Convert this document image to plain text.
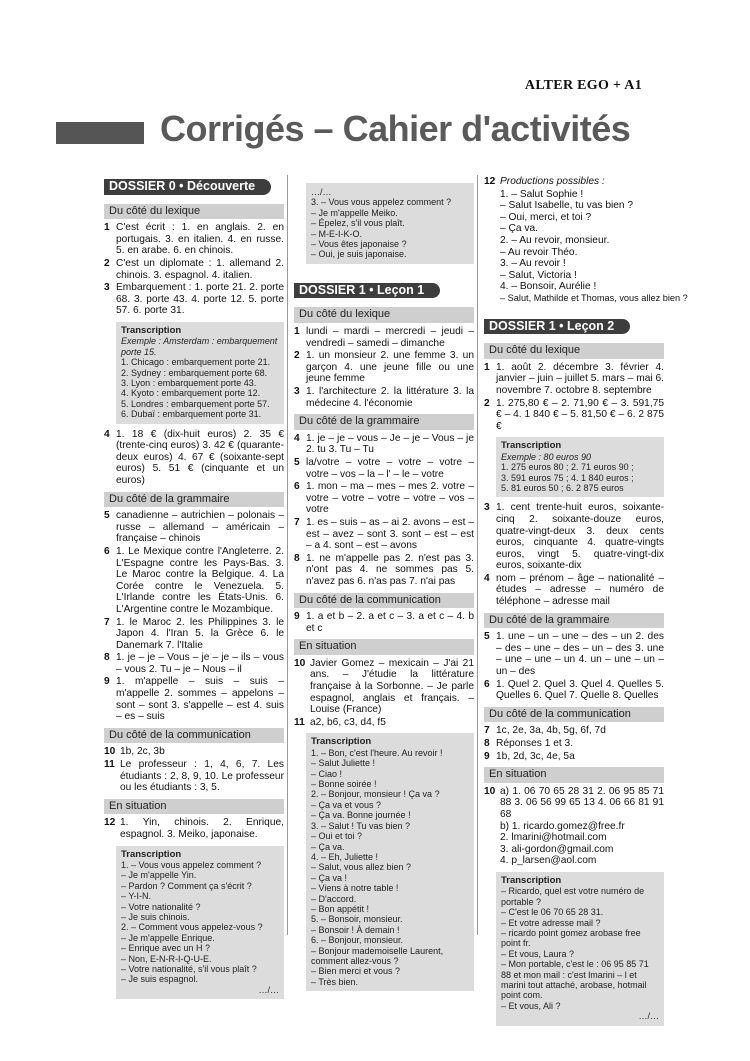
ALTER EGO + A1
Corrigés – Cahier d'activités
DOSSIER 0 • Découverte
Du côté du lexique
1 C'est écrit : 1. en anglais. 2. en portugais. 3. en italien. 4. en russe. 5. en arabe. 6. en chinois.
2 C'est un diplomate : 1. allemand 2. chinois. 3. espagnol. 4. italien.
3 Embarquement : 1. porte 21. 2. porte 68. 3. porte 43. 4. porte 12. 5. porte 57. 6. porte 31.
Transcription
Exemple : Amsterdam : embarquement porte 15.
1. Chicago : embarquement porte 21.
2. Sydney : embarquement porte 68.
3. Lyon : embarquement porte 43.
4. Kyoto : embarquement porte 12.
5. Londres : embarquement porte 57.
6. Dubaï : embarquement porte 31.
4 1. 18 € (dix-huit euros) 2. 35 € (trente-cinq euros) 3. 42 € (quarante-deux euros) 4. 67 € (soixante-sept euros) 5. 51 € (cinquante et un euros)
Du côté de la grammaire
5 canadienne – autrichien – polonais – russe – allemand – américain – française – chinois
6 1. Le Mexique contre l'Angleterre. 2. L'Espagne contre les Pays-Bas. 3. Le Maroc contre la Belgique. 4. La Corée contre le Venezuela. 5. L'Irlande contre les États-Unis. 6. L'Argentine contre le Mozambique.
7 1. le Maroc 2. les Philippines 3. le Japon 4. l'Iran 5. la Grèce 6. le Danemark 7. l'Italie
8 1. je – je – Vous – je – je – ils – vous – vous 2. Tu – je – Nous – il
9 1. m'appelle – suis – suis – m'appelle 2. sommes – appelons – sont – sont 3. s'appelle – est 4. suis – es – suis
Du côté de la communication
10 1b, 2c, 3b
11 Le professeur : 1, 4, 6, 7. Les étudiants : 2, 8, 9, 10. Le professeur ou les étudiants : 3, 5.
En situation
12 1. Yin, chinois. 2. Enrique, espagnol. 3. Meiko, japonaise.
Transcription
1. – Vous vous appelez comment ?
– Je m'appelle Yin.
– Pardon ? Comment ça s'écrit ?
– Y-I-N.
– Votre nationalité ?
– Je suis chinois.
2. – Comment vous appelez-vous ?
– Je m'appelle Enrique.
– Enrique avec un H ?
– Non, E-N-R-I-Q-U-E.
– Votre nationalité, s'il vous plaît ?
– Je suis espagnol.
…/…
…/…
3. – Vous vous appelez comment ?
– Je m'appelle Meiko.
– Épelez, s'il vous plaît.
– M-E-I-K-O.
– Vous êtes japonaise ?
– Oui, je suis japonaise.
DOSSIER 1 • Leçon 1
Du côté du lexique
1 lundi – mardi – mercredi – jeudi – vendredi – samedi – dimanche
2 1. un monsieur 2. une femme 3. un garçon 4. une jeune fille ou une jeune femme
3 1. l'architecture 2. la littérature 3. la médecine 4. l'économie
Du côté de la grammaire
4 1. je – je – vous – Je – je – Vous – je 2. tu 3. Tu – Tu
5 la/votre – votre – votre – votre – votre – vos – la – l' – le – votre
6 1. mon – ma – mes – mes 2. votre – votre – votre – votre – votre – vos – votre
7 1. es – suis – as – ai 2. avons – est – est – avez – sont 3. sont – est – est – a 4. sont – est – avons
8 1. ne m'appelle pas 2. n'est pas 3. n'ont pas 4. ne sommes pas 5. n'avez pas 6. n'as pas 7. n'ai pas
Du côté de la communication
9 1. a et b – 2. a et c – 3. a et c – 4. b et c
En situation
10 Javier Gomez – mexicain – J'ai 21 ans. – J'étudie la littérature française à la Sorbonne. – Je parle espagnol, anglais et français. – Louise (France)
11 a2, b6, c3, d4, f5
Transcription
1. – Bon, c'est l'heure. Au revoir !
– Salut Juliette !
– Ciao !
– Bonne soirée !
2. – Bonjour, monsieur ! Ça va ?
– Ça va et vous ?
– Ça va. Bonne journée !
3. – Salut ! Tu vas bien ?
– Oui et toi ?
– Ça va.
4. – Eh, Juliette !
– Salut, vous allez bien ?
– Ça va !
– Viens à notre table !
– D'accord.
– Bon appétit !
5. – Bonsoir, monsieur.
– Bonsoir ! À demain !
6. – Bonjour, monsieur.
– Bonjour mademoiselle Laurent, comment allez-vous ?
– Bien merci et vous ?
– Très bien.
12 Productions possibles :
1. – Salut Sophie !
– Salut Isabelle, tu vas bien ?
– Oui, merci, et toi ?
– Ça va.
2. – Au revoir, monsieur.
– Au revoir Théo.
3. – Au revoir !
– Salut, Victoria !
4. – Bonsoir, Aurélie !
– Salut, Mathilde et Thomas, vous allez bien ?
DOSSIER 1 • Leçon 2
Du côté du lexique
1 1. août 2. décembre 3. février 4. janvier – juin – juillet 5. mars – mai 6. novembre 7. octobre 8. septembre
2 1. 275,80 € – 2. 71,90 € – 3. 591,75 € – 4. 1 840 € – 5. 81,50 € – 6. 2 875 €
Transcription
Exemple : 80 euros 90
1. 275 euros 80 ; 2. 71 euros 90 ;
3. 591 euros 75 ; 4. 1 840 euros ;
5. 81 euros 50 ; 6. 2 875 euros
3 1. cent trente-huit euros, soixante-cinq 2. soixante-douze euros, quatre-vingt-deux 3. deux cents euros, cinquante 4. quatre-vingts euros, vingt 5. quatre-vingt-dix euros, soixante-dix
4 nom – prénom – âge – nationalité – études – adresse – numéro de téléphone – adresse mail
Du côté de la grammaire
5 1. une – un – une – des – un 2. des – des – une – des – un – des 3. une – une – une – un 4. un – une – un – un – des
6 1. Quel 2. Quel 3. Quel 4. Quelles 5. Quelles 6. Quel 7. Quelle 8. Quelles
Du côté de la communication
7 1c, 2e, 3a, 4b, 5g, 6f, 7d
8 Réponses 1 et 3.
9 1b, 2d, 3c, 4e, 5a
En situation
10 a) 1. 06 70 65 28 31 2. 06 95 85 71 88 3. 06 56 99 65 13 4. 06 66 81 91 68
b) 1. ricardo.gomez@free.fr
2. lmarini@hotmail.com
3. ali-gordon@gmail.com
4. p_larsen@aol.com
Transcription
– Ricardo, quel est votre numéro de portable ?
– C'est le 06 70 65 28 31.
– Et votre adresse mail ?
– ricardo point gomez arobase free point fr.
– Et vous, Laura ?
– Mon portable, c'est le : 06 95 85 71 88 et mon mail : c'est lmarini – l et marini tout attaché, arobase, hotmail point com.
– Et vous, Ali ?
…/…
